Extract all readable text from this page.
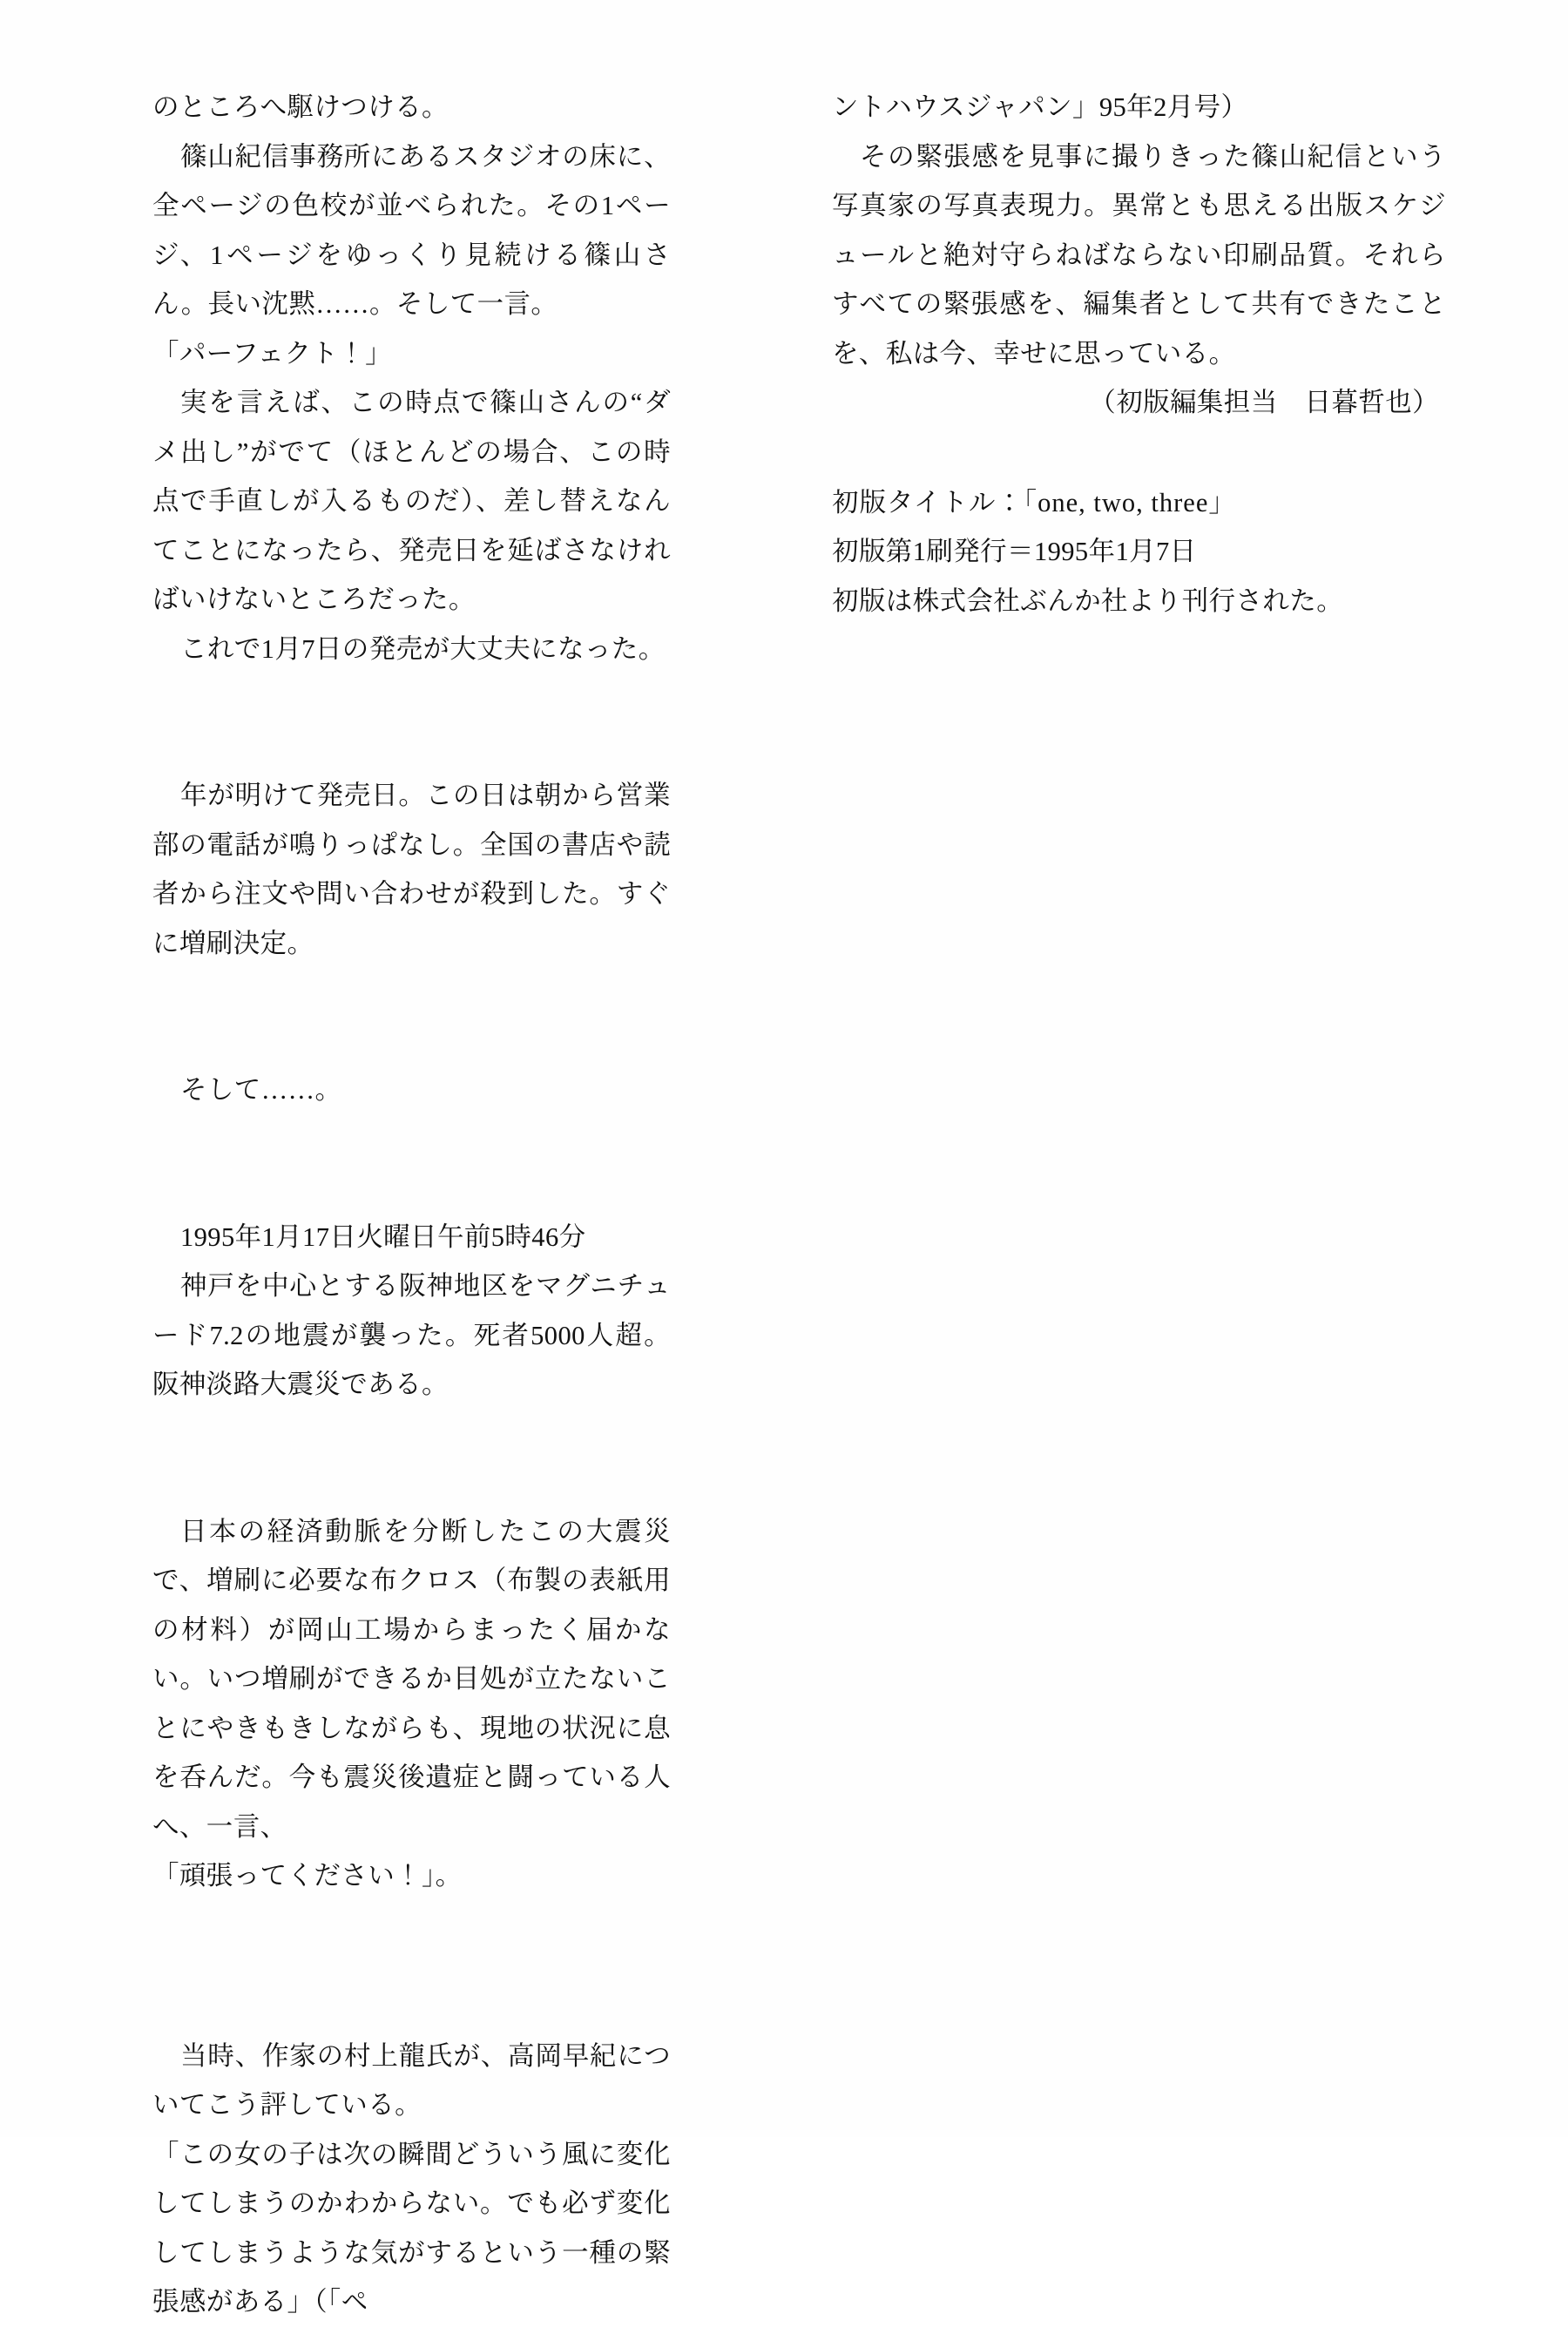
のところへ駆けつける。

篠山紀信事務所にあるスタジオの床に、全ページの色校が並べられた。その1ページ、1ページをゆっくり見続ける篠山さん。長い沈黙……。そして一言。

「パーフェクト！」

実を言えば、この時点で篠山さんの“ダメ出し”がでて（ほとんどの場合、この時点で手直しが入るものだ）、差し替えなんてことになったら、発売日を延ばさなければいけないところだった。

これで1月7日の発売が大丈夫になった。

年が明けて発売日。この日は朝から営業部の電話が鳴りっぱなし。全国の書店や読者から注文や問い合わせが殺到した。すぐに増刷決定。

そして……。

1995年1月17日火曜日午前5時46分

神戸を中心とする阪神地区をマグニチュード7.2の地震が襲った。死者5000人超。阪神淡路大震災である。

日本の経済動脈を分断したこの大震災で、増刷に必要な布クロス（布製の表紙用の材料）が岡山工場からまったく届かない。いつ増刷ができるか目処が立たないことにやきもきしながらも、現地の状況に息を呑んだ。今も震災後遺症と闘っている人へ、一言、

「頑張ってください！」。

当時、作家の村上龍氏が、高岡早紀についてこう評している。

「この女の子は次の瞬間どういう風に変化してしまうのかわからない。でも必ず変化してしまうような気がするという一種の緊張感がある」（「ペ

ントハウスジャパン」95年2月号）

その緊張感を見事に撮りきった篠山紀信という写真家の写真表現力。異常とも思える出版スケジュールと絶対守らねばならない印刷品質。それらすべての緊張感を、編集者として共有できたことを、私は今、幸せに思っている。

（初版編集担当　日暮哲也）

初版タイトル：「one, two, three」

初版第1刷発行＝1995年1月7日

初版は株式会社ぶんか社より刊行された。
